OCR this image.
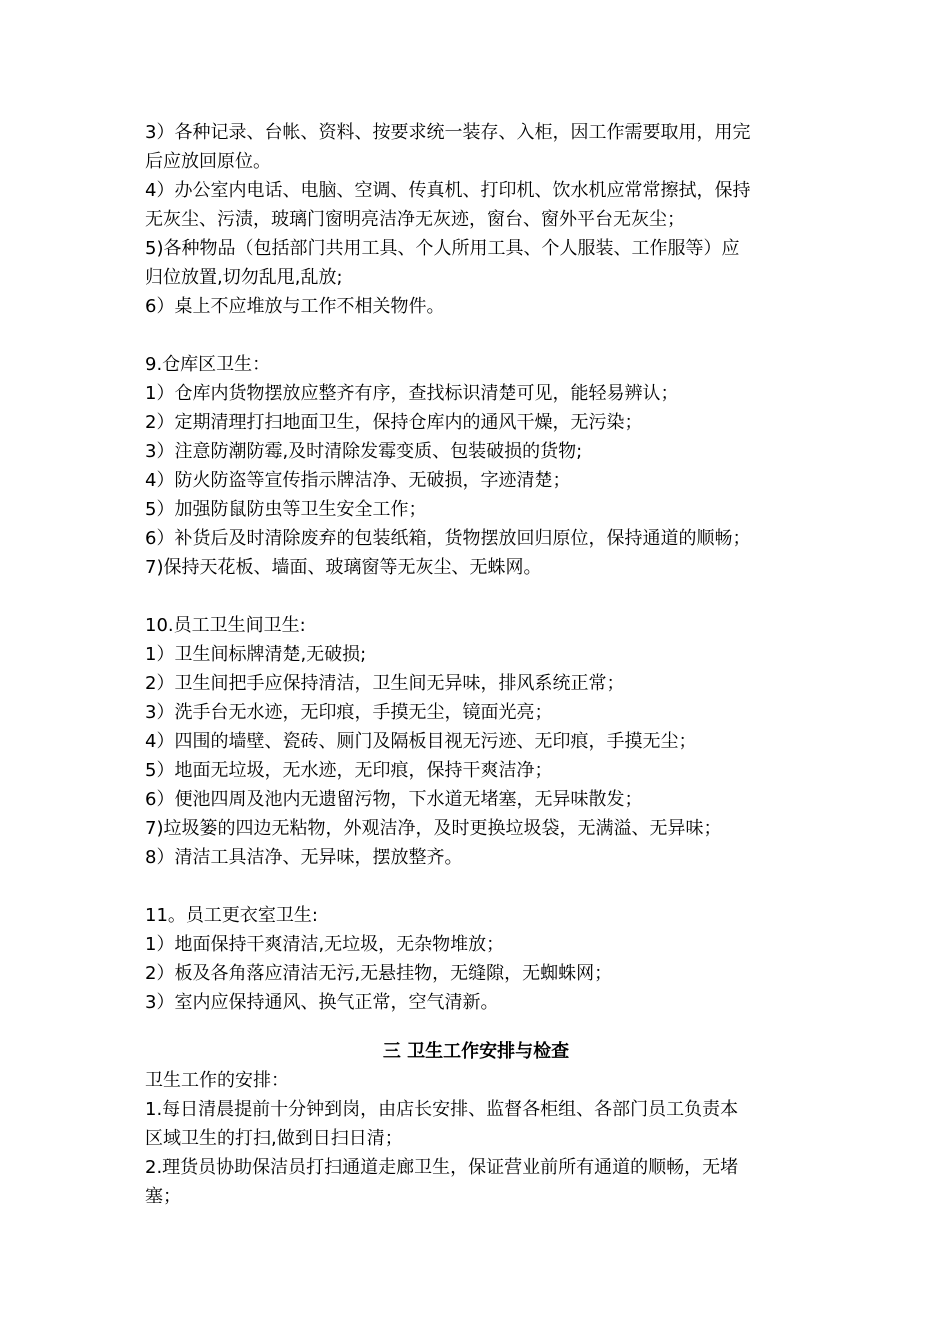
3）各种记录、台帐、资料、按要求统一装存、入柜，因工作需要取用，用完
后应放回原位。
4）办公室内电话、电脑、空调、传真机、打印机、饮水机应常常擦拭，保持
无灰尘、污渍，玻璃门窗明亮洁净无灰迹，窗台、窗外平台无灰尘；
5)各种物品（包括部门共用工具、个人所用工具、个人服装、工作服等）应
归位放置,切勿乱甩,乱放;
6）桌上不应堆放与工作不相关物件。
9.仓库区卫生：
1）仓库内货物摆放应整齐有序，查找标识清楚可见，能轻易辨认；
2）定期清理打扫地面卫生，保持仓库内的通风干燥，无污染；
3）注意防潮防霉,及时清除发霉变质、包装破损的货物;
4）防火防盗等宣传指示牌洁净、无破损，字迹清楚；
5）加强防鼠防虫等卫生安全工作；
6）补货后及时清除废弃的包装纸箱，货物摆放回归原位，保持通道的顺畅；
7)保持天花板、墙面、玻璃窗等无灰尘、无蛛网。
10.员工卫生间卫生:
1）卫生间标牌清楚,无破损;
2）卫生间把手应保持清洁，卫生间无异味，排风系统正常；
3）洗手台无水迹，无印痕，手摸无尘，镜面光亮；
4）四围的墙壁、瓷砖、厕门及隔板目视无污迹、无印痕，手摸无尘；
5）地面无垃圾，无水迹，无印痕，保持干爽洁净；
6）便池四周及池内无遗留污物，下水道无堵塞，无异味散发；
7)垃圾篓的四边无粘物，外观洁净，及时更换垃圾袋，无满溢、无异味；
8）清洁工具洁净、无异味，摆放整齐。
11。员工更衣室卫生:
1）地面保持干爽清洁,无垃圾，无杂物堆放；
2）板及各角落应清洁无污,无悬挂物，无缝隙，无蜘蛛网；
3）室内应保持通风、换气正常，空气清新。
三 卫生工作安排与检查
卫生工作的安排：
1.每日清晨提前十分钟到岗，由店长安排、监督各柜组、各部门员工负责本
区域卫生的打扫,做到日扫日清；
2.理货员协助保洁员打扫通道走廊卫生，保证营业前所有通道的顺畅，无堵
塞；
